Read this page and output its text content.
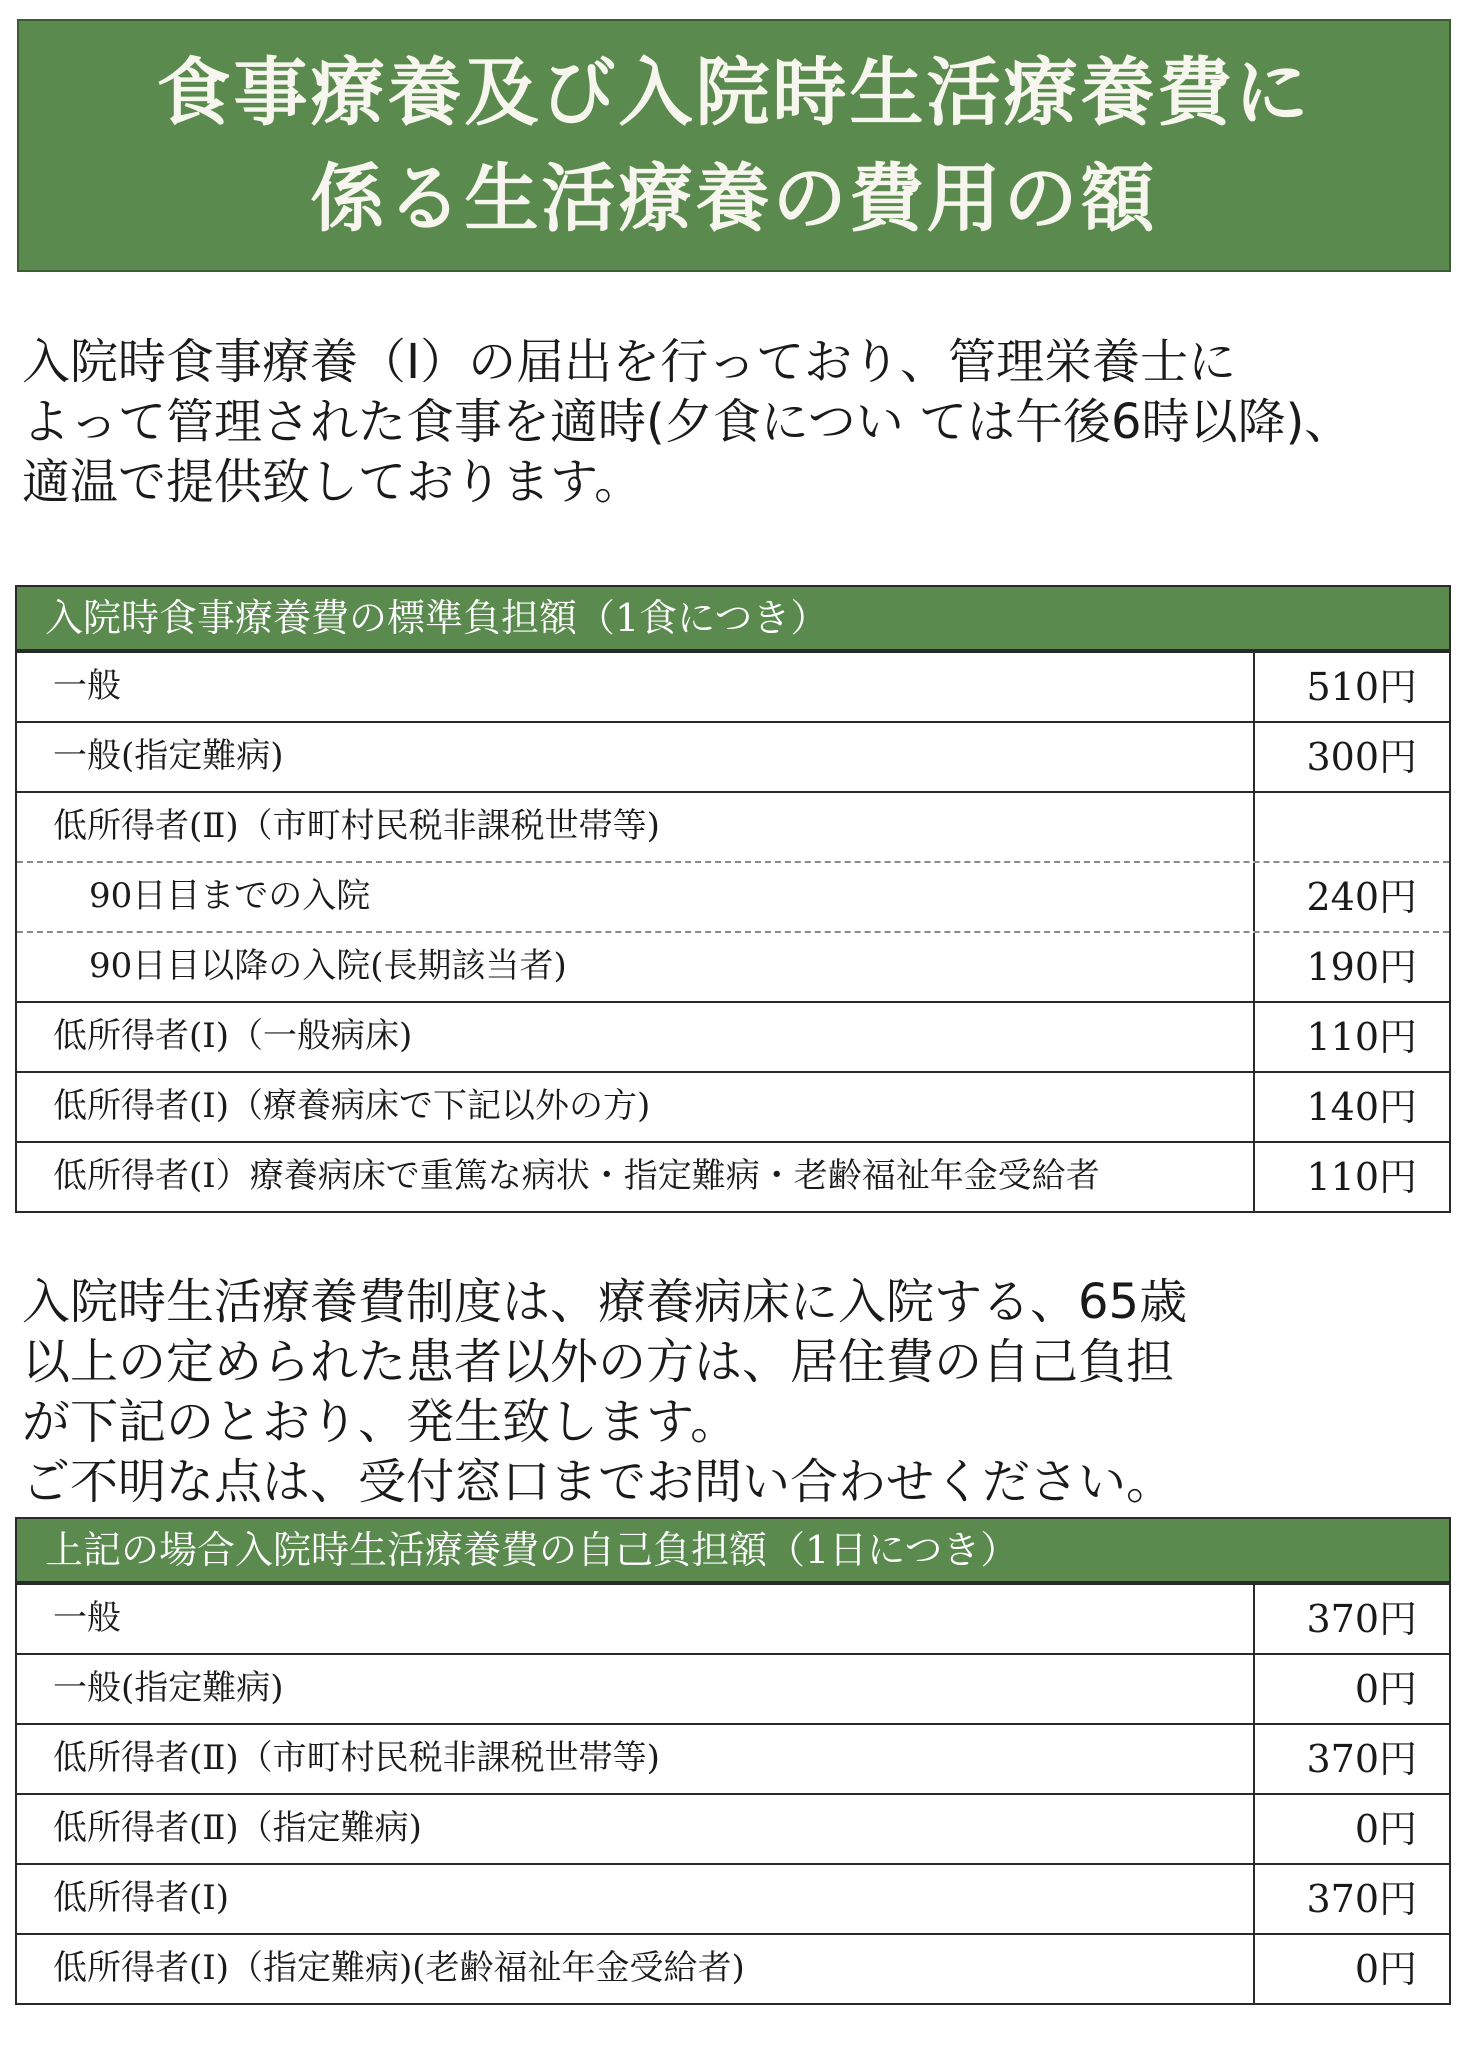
食事療養及び入院時生活療養費に
係る生活療養の費用の額
入院時食事療養（Ⅰ）の届出を行っており、管理栄養士に
よって管理された食事を適時(夕食につい ては午後6時以降)、
適温で提供致しております。
入院時食事療養費の標準負担額（1食につき）
一般	510円
一般(指定難病)	300円
低所得者(Ⅱ)（市町村民税非課税世帯等)
90日目までの入院	240円
90日目以降の入院(長期該当者)	190円
低所得者(Ⅰ)（一般病床)	110円
低所得者(Ⅰ)（療養病床で下記以外の方)	140円
低所得者(Ⅰ）療養病床で重篤な病状・指定難病・老齢福祉年金受給者	110円
入院時生活療養費制度は、療養病床に入院する、65歳
以上の定められた患者以外の方は、居住費の自己負担
が下記のとおり、発生致します。
ご不明な点は、受付窓口までお問い合わせください。
上記の場合入院時生活療養費の自己負担額（1日につき）
一般	370円
一般(指定難病)	0円
低所得者(Ⅱ)（市町村民税非課税世帯等)	370円
低所得者(Ⅱ)（指定難病)	0円
低所得者(Ⅰ)	370円
低所得者(Ⅰ)（指定難病)(老齢福祉年金受給者)	0円
